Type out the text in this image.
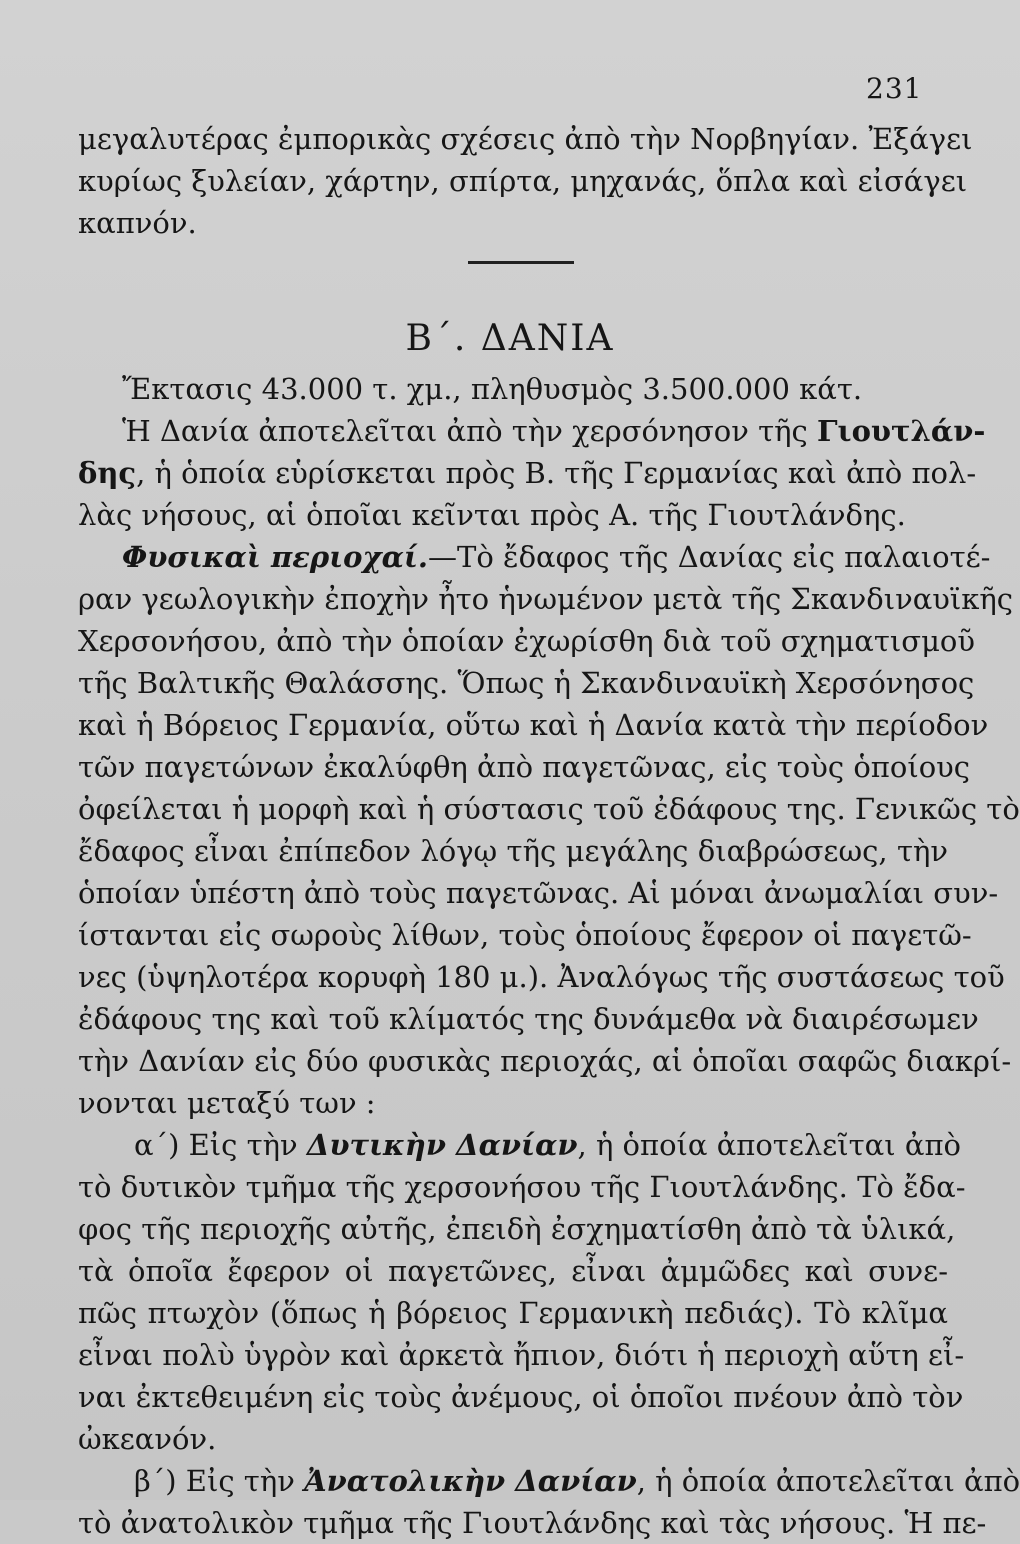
231
μεγαλυτέρας ἐμπορικὰς σχέσεις ἀπὸ τὴν Νορβηγίαν. Ἐξάγει
κυρίως ξυλείαν, χάρτην, σπίρτα, μηχανάς, ὅπλα καὶ εἰσάγει
καπνόν.
Β΄. ΔΑΝΙΑ
Ἔκτασις 43.000 τ. χμ., πληθυσμὸς 3.500.000 κάτ.
Ἡ Δανία ἀποτελεῖται ἀπὸ τὴν χερσόνησον τῆς Γιουτλάν-
δης, ἡ ὁποία εὑρίσκεται πρὸς Β. τῆς Γερμανίας καὶ ἀπὸ πολ-
λὰς νήσους, αἱ ὁποῖαι κεῖνται πρὸς Α. τῆς Γιουτλάνδης.
Φυσικαὶ περιοχαί.—Τὸ ἔδαφος τῆς Δανίας εἰς παλαιοτέ-
ραν γεωλογικὴν ἐποχὴν ἦτο ἡνωμένον μετὰ τῆς Σκανδιναυϊκῆς
Χερσονήσου, ἀπὸ τὴν ὁποίαν ἐχωρίσθη διὰ τοῦ σχηματισμοῦ
τῆς Βαλτικῆς Θαλάσσης. Ὅπως ἡ Σκανδιναυϊκὴ Χερσόνησος
καὶ ἡ Βόρειος Γερμανία, οὕτω καὶ ἡ Δανία κατὰ τὴν περίοδον
τῶν παγετώνων ἐκαλύφθη ἀπὸ παγετῶνας, εἰς τοὺς ὁποίους
ὀφείλεται ἡ μορφὴ καὶ ἡ σύστασις τοῦ ἐδάφους της. Γενικῶς τὸ
ἔδαφος εἶναι ἐπίπεδον λόγῳ τῆς μεγάλης διαβρώσεως, τὴν
ὁποίαν ὑπέστη ἀπὸ τοὺς παγετῶνας. Αἱ μόναι ἀνωμαλίαι συν-
ίστανται εἰς σωροὺς λίθων, τοὺς ὁποίους ἔφερον οἱ παγετῶ-
νες (ὑψηλοτέρα κορυφὴ 180 μ.). Ἀναλόγως τῆς συστάσεως τοῦ
ἐδάφους της καὶ τοῦ κλίματός της δυνάμεθα νὰ διαιρέσωμεν
τὴν Δανίαν εἰς δύο φυσικὰς περιοχάς, αἱ ὁποῖαι σαφῶς διακρί-
νονται μεταξύ των :
α΄) Εἰς τὴν Δυτικὴν Δανίαν, ἡ ὁποία ἀποτελεῖται ἀπὸ
τὸ δυτικὸν τμῆμα τῆς χερσονήσου τῆς Γιουτλάνδης. Τὸ ἔδα-
φος τῆς περιοχῆς αὐτῆς, ἐπειδὴ ἐσχηματίσθη ἀπὸ τὰ ὑλικά,
τὰ ὁποῖα ἔφερον οἱ παγετῶνες, εἶναι ἀμμῶδες καὶ συνε-
πῶς πτωχὸν (ὅπως ἡ βόρειος Γερμανικὴ πεδιάς). Τὸ κλῖμα
εἶναι πολὺ ὑγρὸν καὶ ἀρκετὰ ἤπιον, διότι ἡ περιοχὴ αὕτη εἶ-
ναι ἐκτεθειμένη εἰς τοὺς ἀνέμους, οἱ ὁποῖοι πνέουν ἀπὸ τὸν
ὠκεανόν.
β΄) Εἰς τὴν Ἀνατολικὴν Δανίαν, ἡ ὁποία ἀποτελεῖται ἀπὸ
τὸ ἀνατολικὸν τμῆμα τῆς Γιουτλάνδης καὶ τὰς νήσους. Ἡ πε-
